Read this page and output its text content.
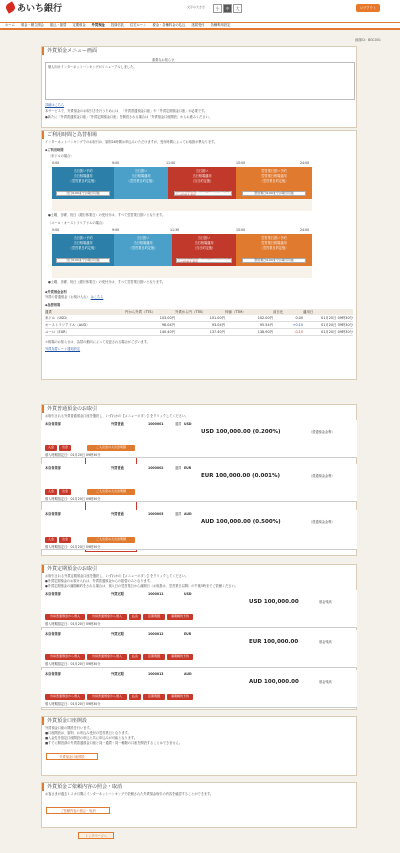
あいち銀行	文字の大きさ	小	中	大	ログアウト
ホーム	預金・積立照会	振込・振替	定期預金	外貨預金	投資信託	住宅ローン	税金・各種料金の払込	諸届受付	各種利用設定
画面ID：BGC001
外貨預金メニュー画面
重要なお知らせ
個人向けインターネットバンキングがリニューアルしました。
詳細はこちら
本サービスで、外貨預金のお取引きを行うためには、「外貨普通預金口座」や「外貨定期預金口座」が必要です。
●新たに「外貨普通預金口座」「外貨定期預金口座」を開設される場合は「外貨預金口座開設」からお進みください。
ご利用時間と為替相場
インターネットバンキングでのお取引は、原則24時間お申込みいただけますが、受付時間によってお取扱が異なります。
◆ご利用時間
〈米ドルの場合〉
0:00	9:00	11:00	15:00	24:00
当日扱い予約
当日相場適用
（翌営業日約定後）
当日扱い
当日相場適用
（翌営業日約定後）
当日扱い
当日相場適用
（当日約定後）
翌営業日扱い予約
翌営業日相場適用
（翌営業日約定後）
当日9:00までお取引可能	為替相場確定後、お申込みいただいた時点の相場を適用	翌営業日9:00までお取引可能
●土曜、日曜、祝日（銀行休業日）の受付分は、すべて翌営業日扱いとなります。
〈ユーロ・オーストラリアドルの場合〉
0:00	9:00	11:30	15:00	24:00
当日扱い予約
当日相場適用
（翌営業日約定後）
当日扱い
当日相場適用
（翌営業日約定後）
当日扱い
当日相場適用
（当日約定後）
翌営業日扱い予約
翌営業日相場適用
（翌営業日約定後）
当日9:00までお取引可能	為替相場確定後、お申込みいただいた時点の相場を適用	翌営業日9:00までお取引可能
●土曜、日曜、祝日（銀行休業日）の受付分は、すべて翌営業日扱いとなります。
◆外貨預金金利
外貨の普通預金（お預け入れ） はこちら
◆為替相場
通貨	円から外貨（TTS）	外貨から円（TTB）	仲値（TTM）	前日比	適用日
米ドル（USD）	103.00円	101.00円	102.00円	0.00	01月20日 09時30分
オーストラリアドル（AUD）	98.04円	93.04円	95.54円	+0.10	01月20日 09時30分
ユーロ（EUR）	140.40円	137.40円	138.90円	-0.10	01月20日 09時30分
＊相場のお知らせは、為替の動向によって変更される場合がございます。
外貨為替レート通知設定
外貨普通預金のお取引
お取引される外貨普通預金口座を選択し、いずれかの【メニューボタン】をクリックしてください。
本店営業部	外貨普通	1000001	通貨 USD
USD 100,000.00 (0.200%)	（普通預金金利）
入金	出金	ご入出金の入出金明細
預入時期指定日：01月20日 09時30分
本店営業部	外貨普通	1000002	通貨 EUR
EUR 100,000.00 (0.001%)	（普通預金金利）
入金	出金	ご入出金の入出金明細
預入時期指定日：01月20日 09時30分
本店営業部	外貨普通	1000003	通貨 AUD
AUD 100,000.00 (0.500%)	（普通預金金利）
入金	出金	ご入出金の入出金明細
預入時期指定日：01月20日 09時30分
外貨定期預金のお取引
お取引される外貨定期預金口座を選択し、いずれかの【メニューボタン】をクリックしてください。
●外貨定期預金のお預け入れは、外貨普通預金からの振替のみとなります。
●外貨定期預金の満期解約をされる場合は、預入日の翌営業日から満期日（お取扱は、翌営業日以降）の午後3時までご依頼ください。
本店営業部	外貨定期	1000011	USD
USD 100,000.00	預金残高
外貨普通預金から預入	外貨普通預金から預入	払戻	定期明細	満期解約予約
預入時期指定日：01月20日 09時30分
本店営業部	外貨定期	1000012	EUR
EUR 100,000.00	預金残高
外貨普通預金から預入	外貨普通預金から預入	払戻	定期明細	満期解約予約
預入時期指定日：01月20日 09時30分
本店営業部	外貨定期	1000013	AUD
AUD 100,000.00	預金残高
外貨普通預金から預入	外貨普通預金から預入	払戻	定期明細	満期解約予約
預入時期指定日：01月20日 09時30分
外貨預金口座開設
外貨預金口座の開設を行います。
■口座開設は、原則、お申込み受付の翌営業日となります。
■入金先を指定口座開設の申込と共に申込みが可能となります。
■すでに開設済の外貨普通預金口座と同一通貨・同一種類の口座を開設することはできません。
外貨預金口座開設
外貨預金ご依頼内容の照会・取消
お客さまが過去１２カ月間にインターネットバンキングで依頼された外貨預金取引の内容を確認することができます。
ご依頼内容の照会・取消
トップページへ
